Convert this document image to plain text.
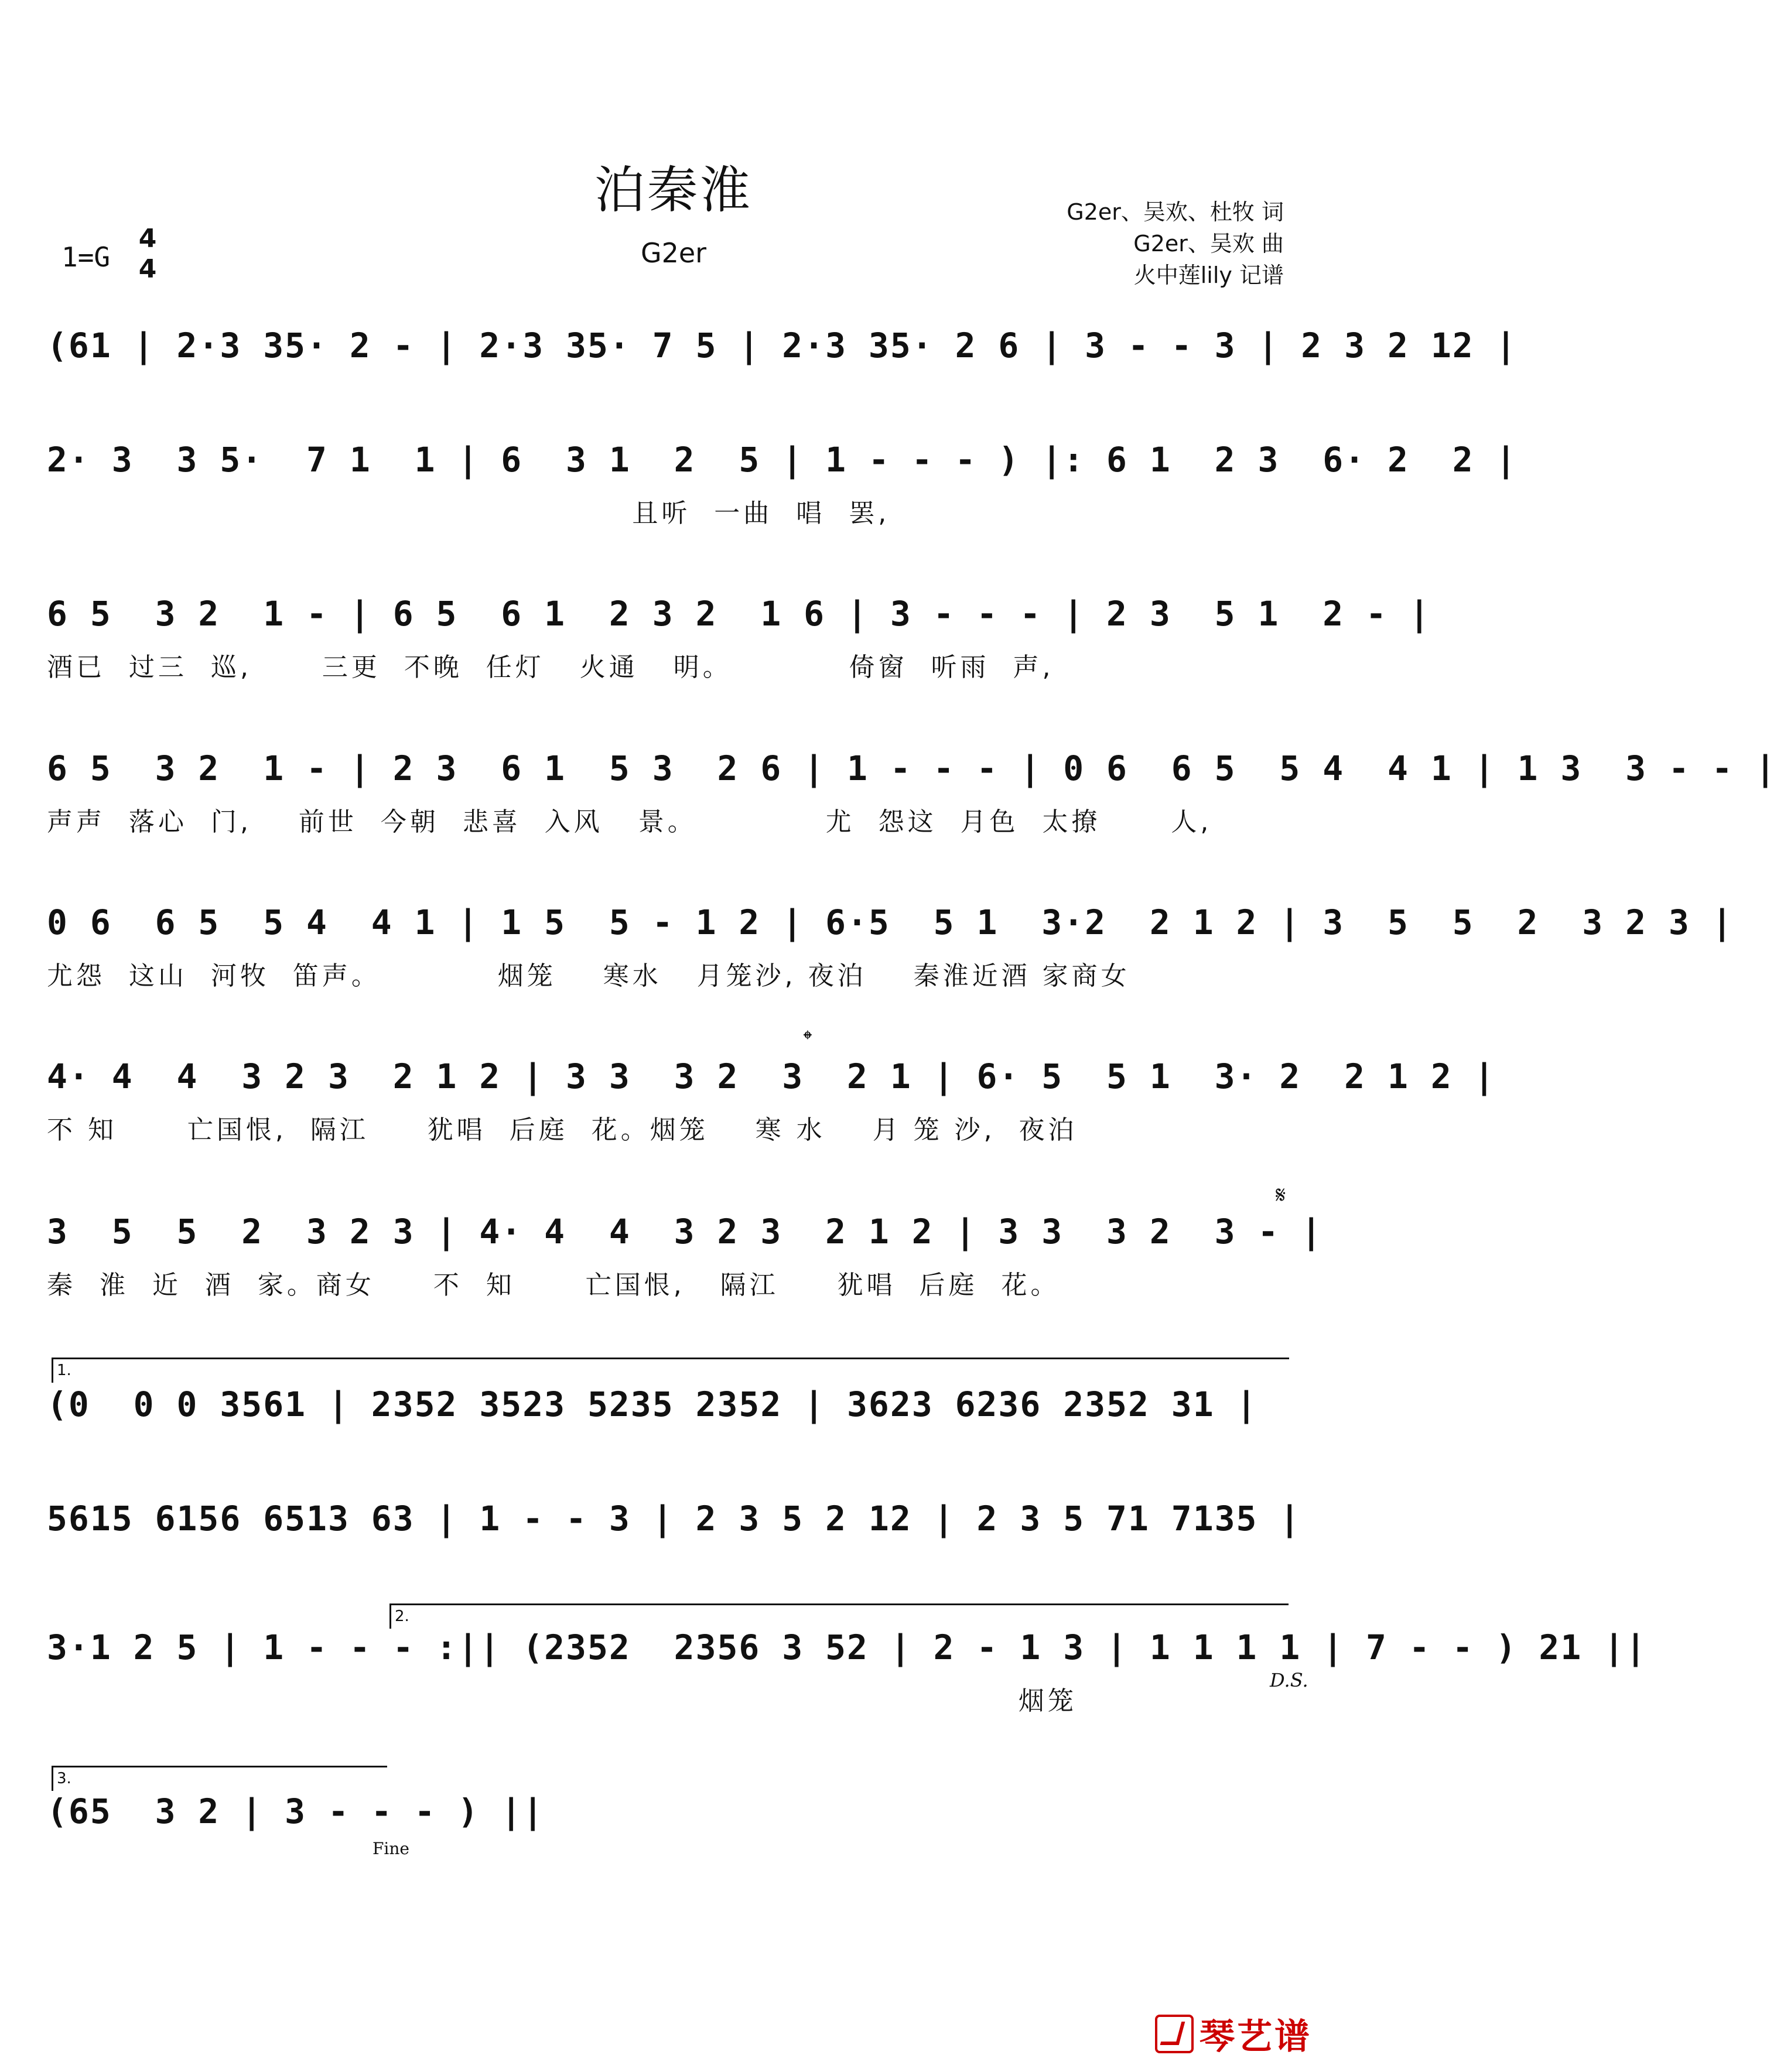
泊秦淮
G2er
1=G
4
4
G2er、吴欢、杜牧 词
G2er、吴欢 曲
火中莲lily 记谱
(61 | 2·3 35· 2 - | 2·3 35· 7 5 | 2·3 35· 2 6 | 3 - - 3 | 2 3 2 12 |
2· 3  3 5·  7 1  1 | 6  3 1  2  5 | 1 - - - ) |: 6 1  2 3  6· 2  2 |
且听  一曲  唱  罢,
6 5  3 2  1 - | 6 5  6 1  2 3 2  1 6 | 3 - - - | 2 3  5 1  2 - |
酒已  过三  巡,      三更  不晚  任灯   火通   明。          倚窗  听雨  声,
6 5  3 2  1 - | 2 3  6 1  5 3  2 6 | 1 - - - | 0 6  6 5  5 4  4 1 | 1 3  3 - - |
声声  落心  门,    前世  今朝  悲喜  入风   景。           尤  怨这  月色  太撩      人,
0 6  6 5  5 4  4 1 | 1 5  5 - 1 2 | 6·5  5 1  3·2  2 1 2 | 3  5  5  2  3 2 3 |
尤怨  这山  河牧  笛声。          烟笼    寒水   月笼沙, 夜泊    秦淮近酒 家商女
4· 4  4  3 2 3  2 1 2 | 3 3  3 2  3  2 1 | 6· 5  5 1  3· 2  2 1 2 |
不 知      亡国恨,  隔江     犹唱  后庭  花。烟笼    寒 水    月 笼 沙,  夜泊
𝄌
3  5  5  2  3 2 3 | 4· 4  4  3 2 3  2 1 2 | 3 3  3 2  3 - |
秦  淮  近  酒  家。商女     不  知      亡国恨,   隔江     犹唱  后庭  花。
𝄋
1.
(0  0 0 3561 | 2352 3523 5235 2352 | 3623 6236 2352 31 |
5615 6156 6513 63 | 1 - - 3 | 2 3 5 2 12 | 2 3 5 71 7135 |
2.
3·1 2 5 | 1 - - - :|| (2352  2356 3 52 | 2 - 1 3 | 1 1 1 1 | 7 - - ) 21 ||
烟笼
D.S.
3.
(65  3 2 | 3 - - - ) ||
Fine
琴艺谱
